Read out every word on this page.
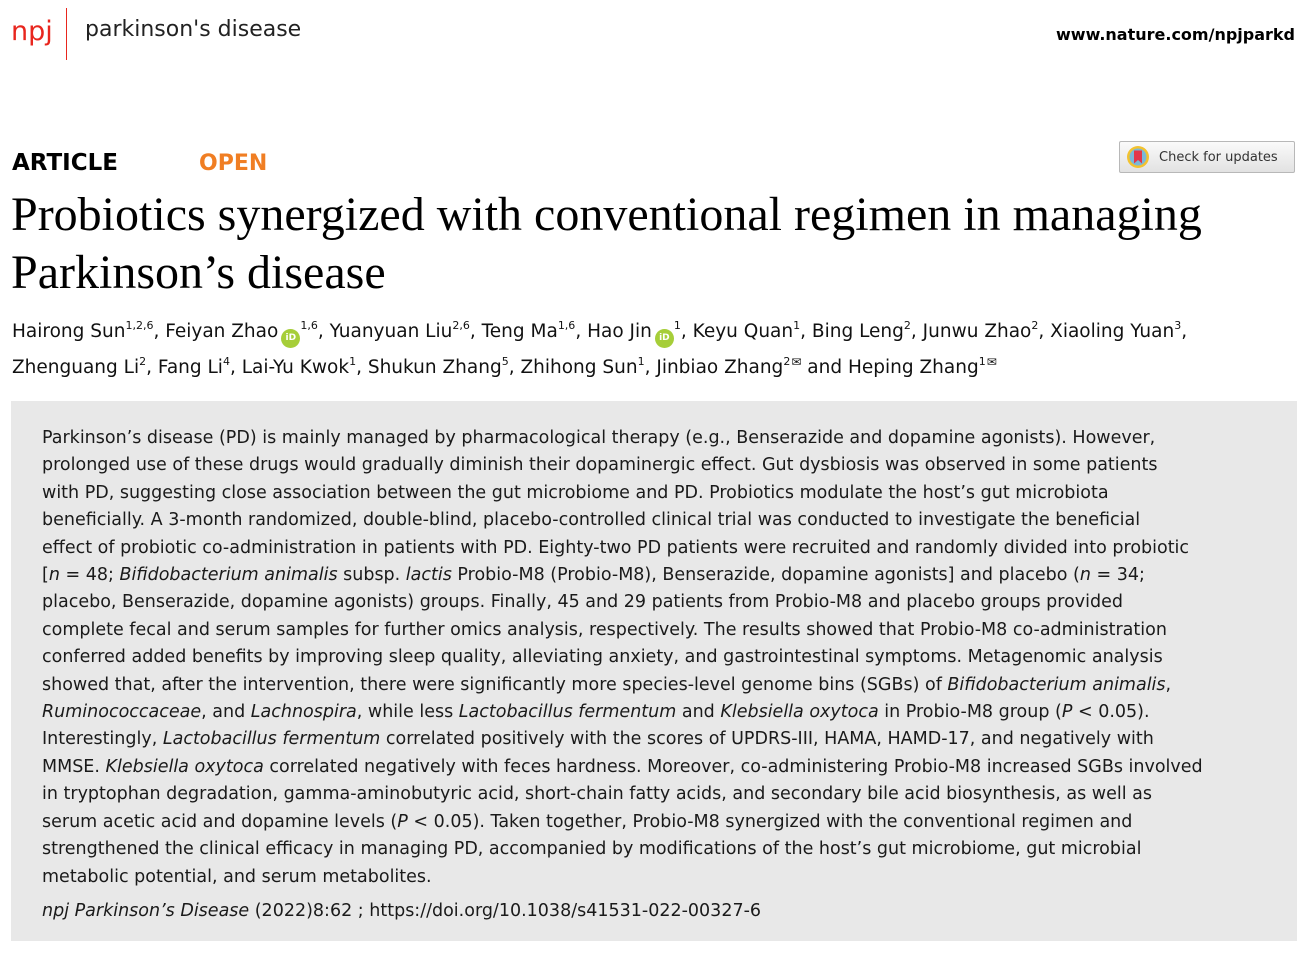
npj parkinson's disease	www.nature.com/npjparkd
ARTICLE	OPEN	Check for updates
Probiotics synergized with conventional regimen in managing
Parkinson’s disease
Hairong Sun$^{1,2,6}$, Feiyan Zhao iD$^{1,6}$, Yuanyuan Liu$^{2,6}$, Teng Ma$^{1,6}$, Hao Jin $iD^1$, Keyu Quan$^1$, Bing Leng$^2$, Junwu Zhao$^2$, Xiaoling Yuan$^3$,
Zhenguang Li$^2$, Fang Li$^4$, Lai-Yu Kwok$^1$, Shukun Zhang$^5$, Zhihong Sun$^1$, Jinbiao Zhang$^2$✉ and Heping Zhang$^1$✉

Parkinson’s disease (PD) is mainly managed by pharmacological therapy (e.g., Benserazide and dopamine agonists). However,
prolonged use of these drugs would gradually diminish their dopaminergic effect. Gut dysbiosis was observed in some patients
with PD, suggesting close association between the gut microbiome and PD. Probiotics modulate the host’s gut microbiota
beneficially. A 3-month randomized, double-blind, placebo-controlled clinical trial was conducted to investigate the beneficial
effect of probiotic co-administration in patients with PD. Eighty-two PD patients were recruited and randomly divided into probiotic
[n = 48; Bifidobacterium animalis subsp. lactis Probio-M8 (Probio-M8), Benserazide, dopamine agonists] and placebo (n = 34;
placebo, Benserazide, dopamine agonists) groups. Finally, 45 and 29 patients from Probio-M8 and placebo groups provided
complete fecal and serum samples for further omics analysis, respectively. The results showed that Probio-M8 co-administration
conferred added benefits by improving sleep quality, alleviating anxiety, and gastrointestinal symptoms. Metagenomic analysis
showed that, after the intervention, there were significantly more species-level genome bins (SGBs) of Bifidobacterium animalis,
Ruminococcaceae, and Lachnospira, while less Lactobacillus fermentum and Klebsiella oxytoca in Probio-M8 group (P < 0.05).
Interestingly, Lactobacillus fermentum correlated positively with the scores of UPDRS-III, HAMA, HAMD-17, and negatively with
MMSE. Klebsiella oxytoca correlated negatively with feces hardness. Moreover, co-administering Probio-M8 increased SGBs involved
in tryptophan degradation, gamma-aminobutyric acid, short-chain fatty acids, and secondary bile acid biosynthesis, as well as
serum acetic acid and dopamine levels (P < 0.05). Taken together, Probio-M8 synergized with the conventional regimen and
strengthened the clinical efficacy in managing PD, accompanied by modifications of the host’s gut microbiome, gut microbial
metabolic potential, and serum metabolites.

npj Parkinson’s Disease (2022)8:62 ; https://doi.org/10.1038/s41531-022-00327-6
